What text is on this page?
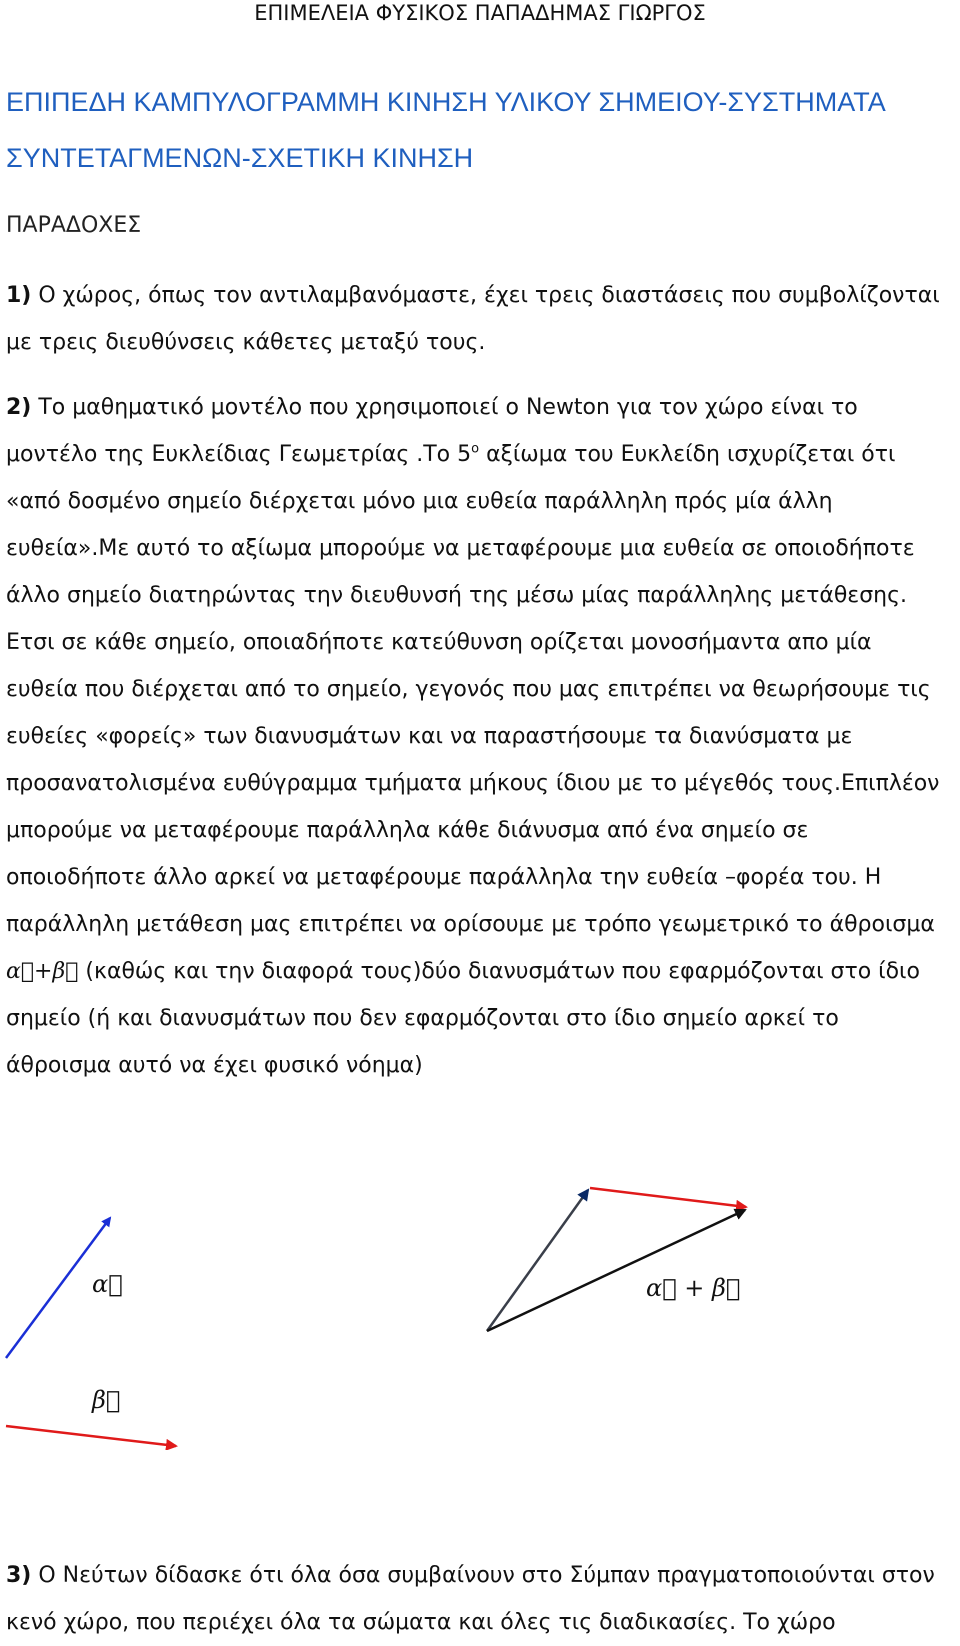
ΕΠΙΜΕΛΕΙΑ ΦΥΣΙΚΟΣ ΠΑΠΑΔΗΜΑΣ ΓΙΩΡΓΟΣ
ΕΠΙΠΕΔΗ ΚΑΜΠΥΛΟΓΡΑΜΜΗ ΚΙΝΗΣΗ ΥΛΙΚΟΥ ΣΗΜΕΙΟΥ-ΣΥΣΤΗΜΑΤΑ
ΣΥΝΤΕΤΑΓΜΕΝΩΝ-ΣΧΕΤΙΚΗ ΚΙΝΗΣΗ
ΠΑΡΑΔΟΧΕΣ
1) Ο χώρος, όπως τον αντιλαμβανόμαστε, έχει τρεις διαστάσεις που συμβολίζονται με τρεις διευθύνσεις κάθετες μεταξύ τους.
2) Το μαθηματικό μοντέλο που χρησιμοποιεί ο Newton για τον χώρο είναι το μοντέλο της Ευκλείδιας Γεωμετρίας .Το $5^o$ αξίωμα του Ευκλείδη ισχυρίζεται ότι «από δοσμένο σημείο διέρχεται μόνο μια ευθεία παράλληλη πρός μία άλλη ευθεία».Με αυτό το αξίωμα μπορούμε να μεταφέρουμε μια ευθεία σε οποιοδήποτε άλλο σημείο διατηρώντας την διευθυνσή της μέσω μίας παράλληλης μετάθεσης. Ετσι σε κάθε σημείο, οποιαδήποτε κατεύθυνση ορίζεται μονοσήμαντα απο μία ευθεία που διέρχεται από το σημείο, γεγονός που μας επιτρέπει να θεωρήσουμε τις ευθείες «φορείς» των διανυσμάτων και να παραστήσουμε τα διανύσματα με προσανατολισμένα ευθύγραμμα τμήματα μήκους ίδιου με το μέγεθός τους.Επιπλέον μπορούμε να μεταφέρουμε παράλληλα κάθε διάνυσμα από ένα σημείο σε οποιοδήποτε άλλο αρκεί να μεταφέρουμε παράλληλα την ευθεία –φορέα του. Η παράλληλη μετάθεση μας επιτρέπει να ορίσουμε με τρόπο γεωμετρικό το άθροισμα α⃗+β⃗ (καθώς και την διαφορά τους)δύο διανυσμάτων που εφαρμόζονται στο ίδιο σημείο (ή και διανυσμάτων που δεν εφαρμόζονται στο ίδιο σημείο αρκεί το άθροισμα αυτό να έχει φυσικό νόημα)
α⃗
β⃗
α⃗ + β⃗
3) Ο Νεύτων δίδασκε ότι όλα όσα συμβαίνουν στο Σύμπαν πραγματοποιούνται στον κενό χώρο, που περιέχει όλα τα σώματα και όλες τις διαδικασίες. Το χώρο
